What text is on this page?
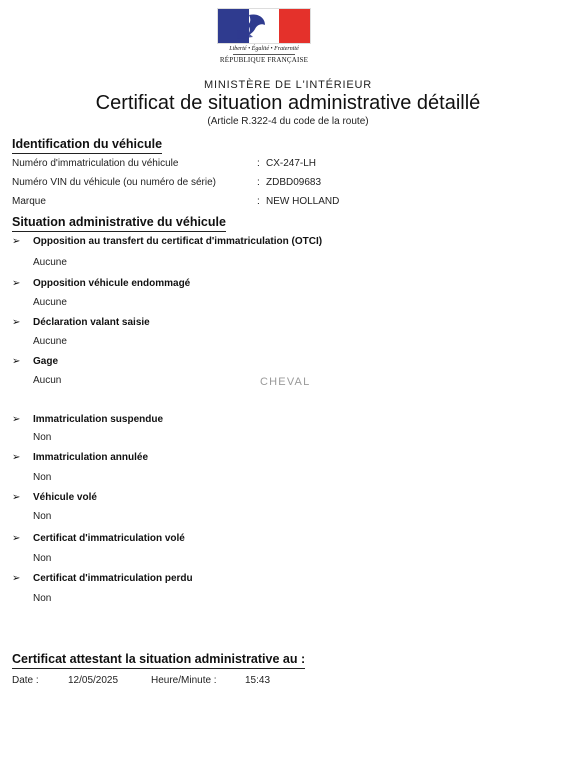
Liberté • Égalité • Fraternité
RÉPUBLIQUE FRANÇAISE
MINISTÈRE DE L'INTÉRIEUR
Certificat de situation administrative détaillé
(Article R.322-4 du code de la route)
Identification du véhicule
Numéro d'immatriculation du véhicule	: CX-247-LH
Numéro VIN du véhicule (ou numéro de série)	: ZDBD09683
Marque	: NEW HOLLAND
Situation administrative du véhicule
➢ Opposition au transfert du certificat d'immatriculation (OTCI)
Aucune
➢ Opposition véhicule endommagé
Aucune
➢ Déclaration valant saisie
Aucune
➢ Gage
Aucun	CHEVAL
➢ Immatriculation suspendue
Non
➢ Immatriculation annulée
Non
➢ Véhicule volé
Non
➢ Certificat d'immatriculation volé
Non
➢ Certificat d'immatriculation perdu
Non
Certificat attestant la situation administrative au :
Date :	12/05/2025	Heure/Minute :	15:43
